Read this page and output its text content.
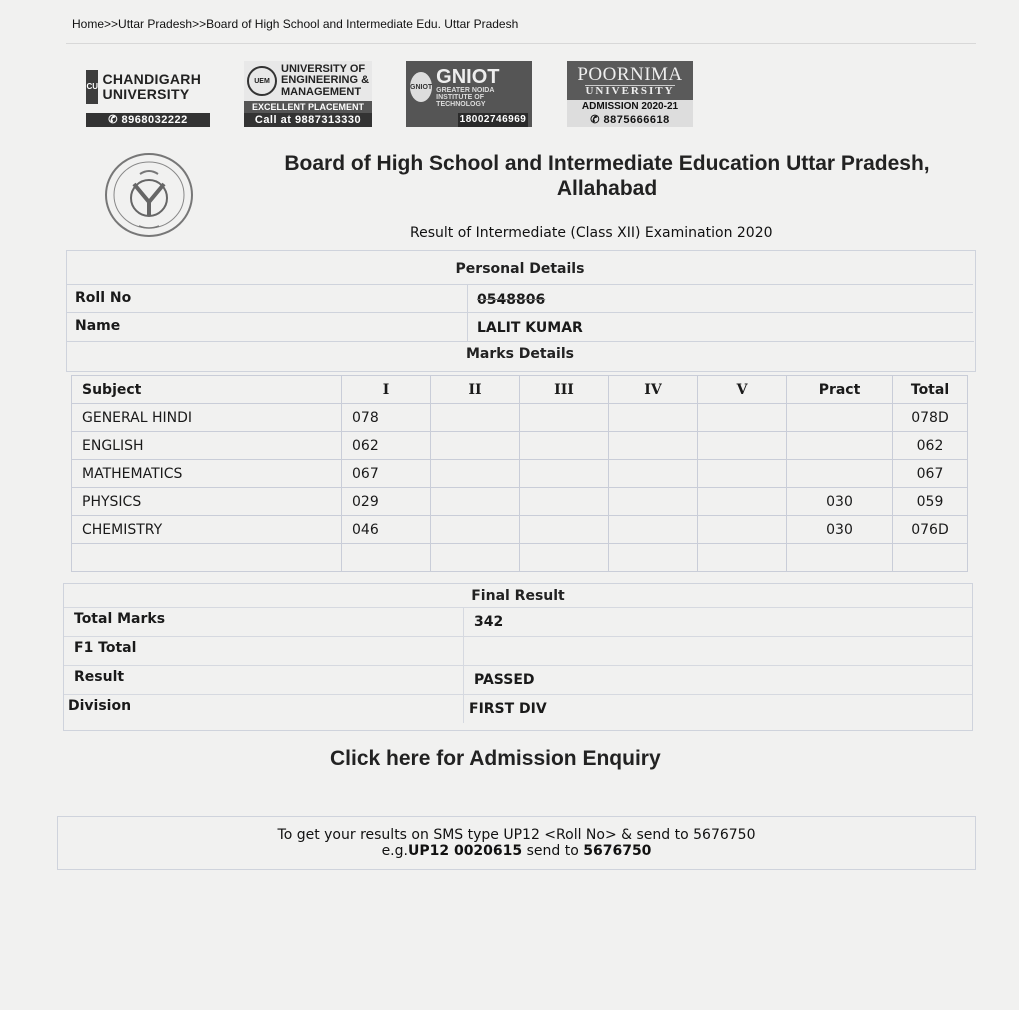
Home>>Uttar Pradesh>>Board of High School and Intermediate Edu. Uttar Pradesh
CU CHANDIGARH UNIVERSITY
✆ 8968032222
UEM
UNIVERSITY OF
ENGINEERING &
MANAGEMENT
EXCELLENT PLACEMENT
Call at 9887313330
GNIOT GNIOT
GREATER NOIDA INSTITUTE OF TECHNOLOGY
18002746969
POORNIMA
UNIVERSITY
ADMISSION 2020-21
✆ 8875666618
Board of High School and Intermediate Education Uttar Pradesh, Allahabad
Result of Intermediate (Class XII) Examination 2020
Personal Details
Roll No	0548806
Name	LALIT KUMAR
Marks Details
Subject	I	II	III	IV	V	Pract	Total
GENERAL HINDI	078						078D
ENGLISH	062						062
MATHEMATICS	067						067
PHYSICS	029					030	059
CHEMISTRY	046					030	076D

Final Result
Total Marks	342
F1 Total
Result	PASSED
Division	FIRST DIV
Click here for Admission Enquiry
To get your results on SMS type UP12 <Roll No> & send to 5676750
e.g.UP12 0020615 send to 5676750
